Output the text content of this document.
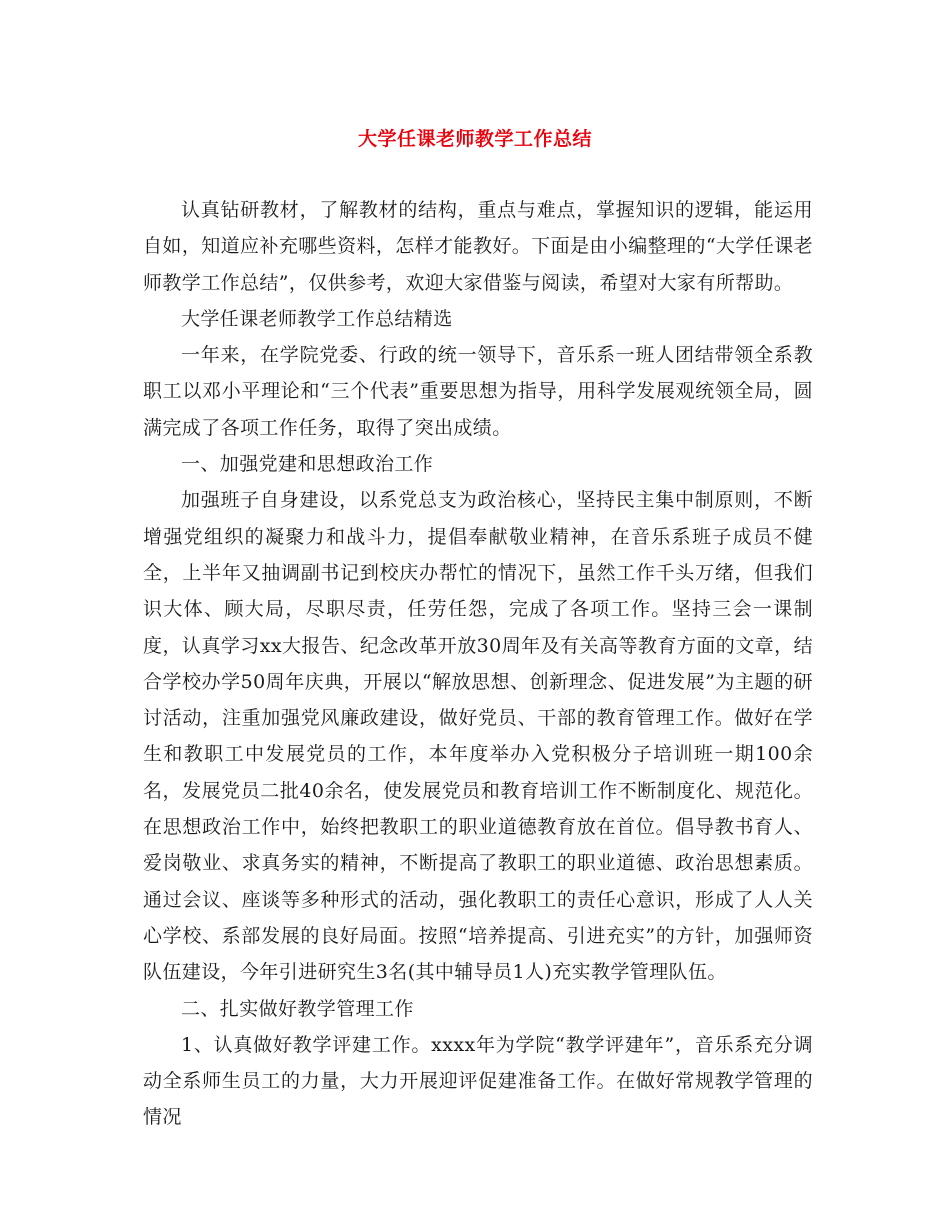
大学任课老师教学工作总结

认真钻研教材，了解教材的结构，重点与难点，掌握知识的逻辑，能运用自如，知道应补充哪些资料，怎样才能教好。下面是由小编整理的“大学任课老师教学工作总结”，仅供参考，欢迎大家借鉴与阅读，希望对大家有所帮助。

大学任课老师教学工作总结精选

一年来，在学院党委、行政的统一领导下，音乐系一班人团结带领全系教职工以邓小平理论和“三个代表”重要思想为指导，用科学发展观统领全局，圆满完成了各项工作任务，取得了突出成绩。

一、加强党建和思想政治工作

加强班子自身建设，以系党总支为政治核心，坚持民主集中制原则，不断增强党组织的凝聚力和战斗力，提倡奉献敬业精神，在音乐系班子成员不健全，上半年又抽调副书记到校庆办帮忙的情况下，虽然工作千头万绪，但我们识大体、顾大局，尽职尽责，任劳任怨，完成了各项工作。坚持三会一课制度，认真学习xx大报告、纪念改革开放30周年及有关高等教育方面的文章，结合学校办学50周年庆典，开展以“解放思想、创新理念、促进发展”为主题的研讨活动，注重加强党风廉政建设，做好党员、干部的教育管理工作。做好在学生和教职工中发展党员的工作，本年度举办入党积极分子培训班一期100余名，发展党员二批40余名，使发展党员和教育培训工作不断制度化、规范化。在思想政治工作中，始终把教职工的职业道德教育放在首位。倡导教书育人、爱岗敬业、求真务实的精神，不断提高了教职工的职业道德、政治思想素质。通过会议、座谈等多种形式的活动，强化教职工的责任心意识，形成了人人关心学校、系部发展的良好局面。按照“培养提高、引进充实”的方针，加强师资队伍建设，今年引进研究生3名(其中辅导员1人)充实教学管理队伍。

二、扎实做好教学管理工作

1、认真做好教学评建工作。xxxx年为学院“教学评建年”，音乐系充分调动全系师生员工的力量，大力开展迎评促建准备工作。在做好常规教学管理的情况
